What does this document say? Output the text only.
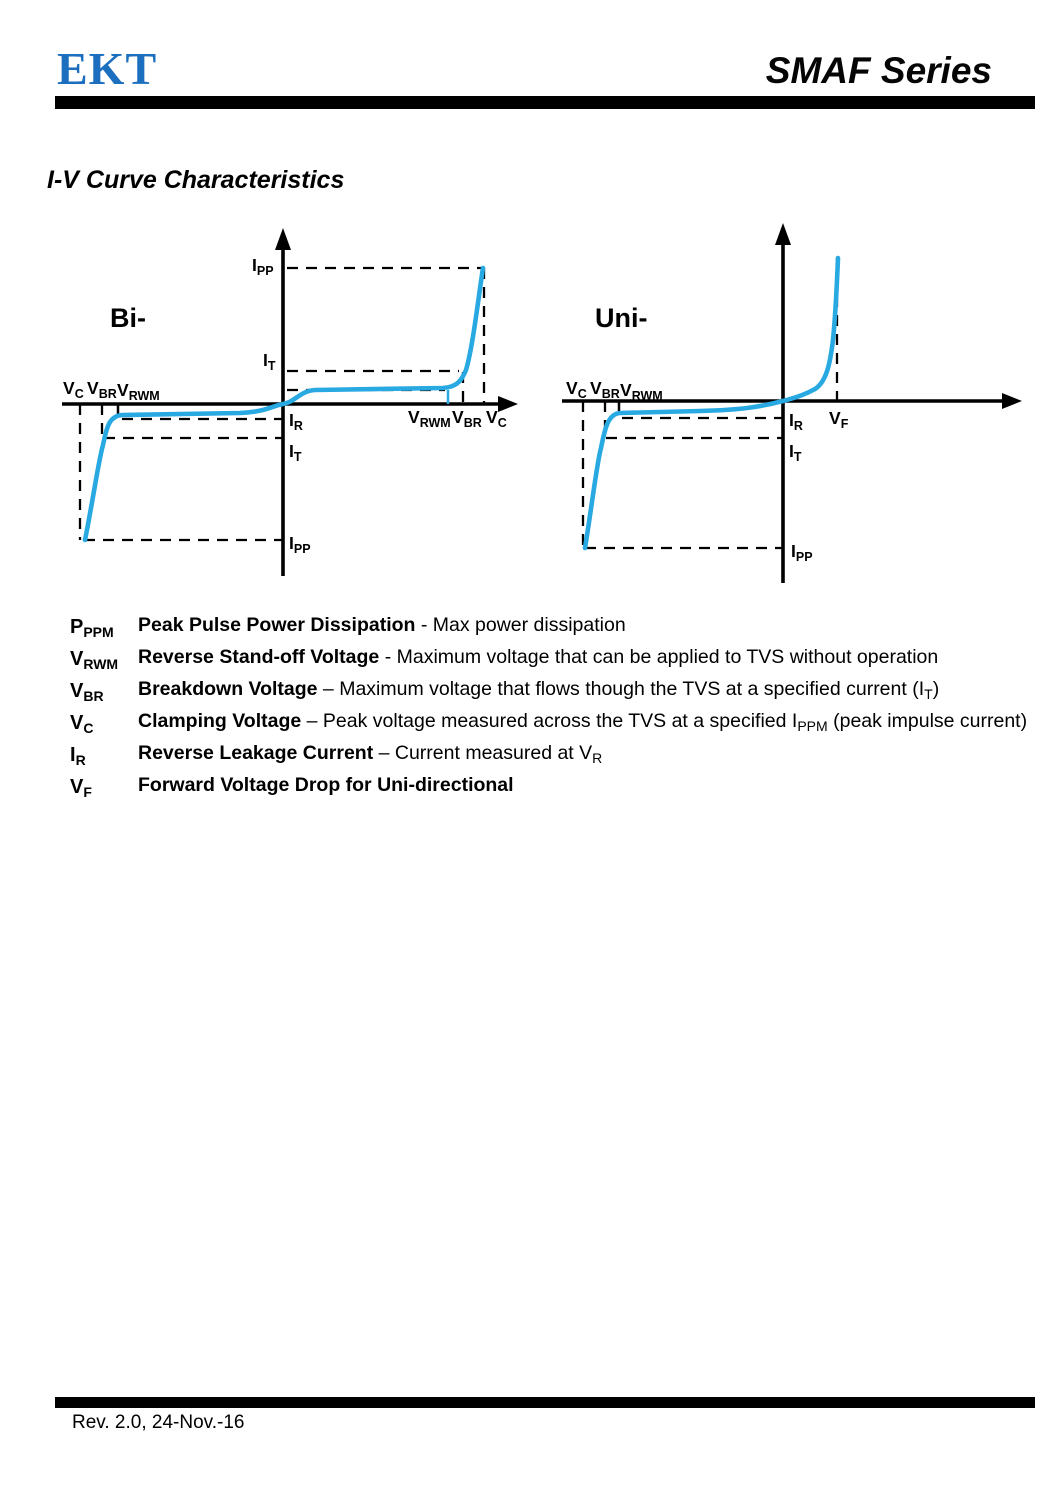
EKT	SMAF Series
I-V Curve Characteristics
Bi-
$I_{PP}$
$I_T$
$V_C$ $V_{BR}$ $V_{RWM}$
$I_R$
$I_T$
$I_{PP}$
$V_{RWM}$ $V_{BR}$ $V_C$
Uni-
$V_C$ $V_{BR}$ $V_{RWM}$
$V_F$
$I_R$
$I_T$
$I_{PP}$
$P_{PPM}$	Peak Pulse Power Dissipation - Max power dissipation
$V_{RWM}$	Reverse Stand-off Voltage - Maximum voltage that can be applied to TVS without operation
$V_{BR}$	Breakdown Voltage – Maximum voltage that flows though the TVS at a specified current $(I_T)$
$V_C$	Clamping Voltage – Peak voltage measured across the TVS at a specified $I_{PPM}$ (peak impulse current)
$I_R$	Reverse Leakage Current – Current measured at $V_R$
$V_F$	Forward Voltage Drop for Uni-directional
Rev. 2.0, 24-Nov.-16
